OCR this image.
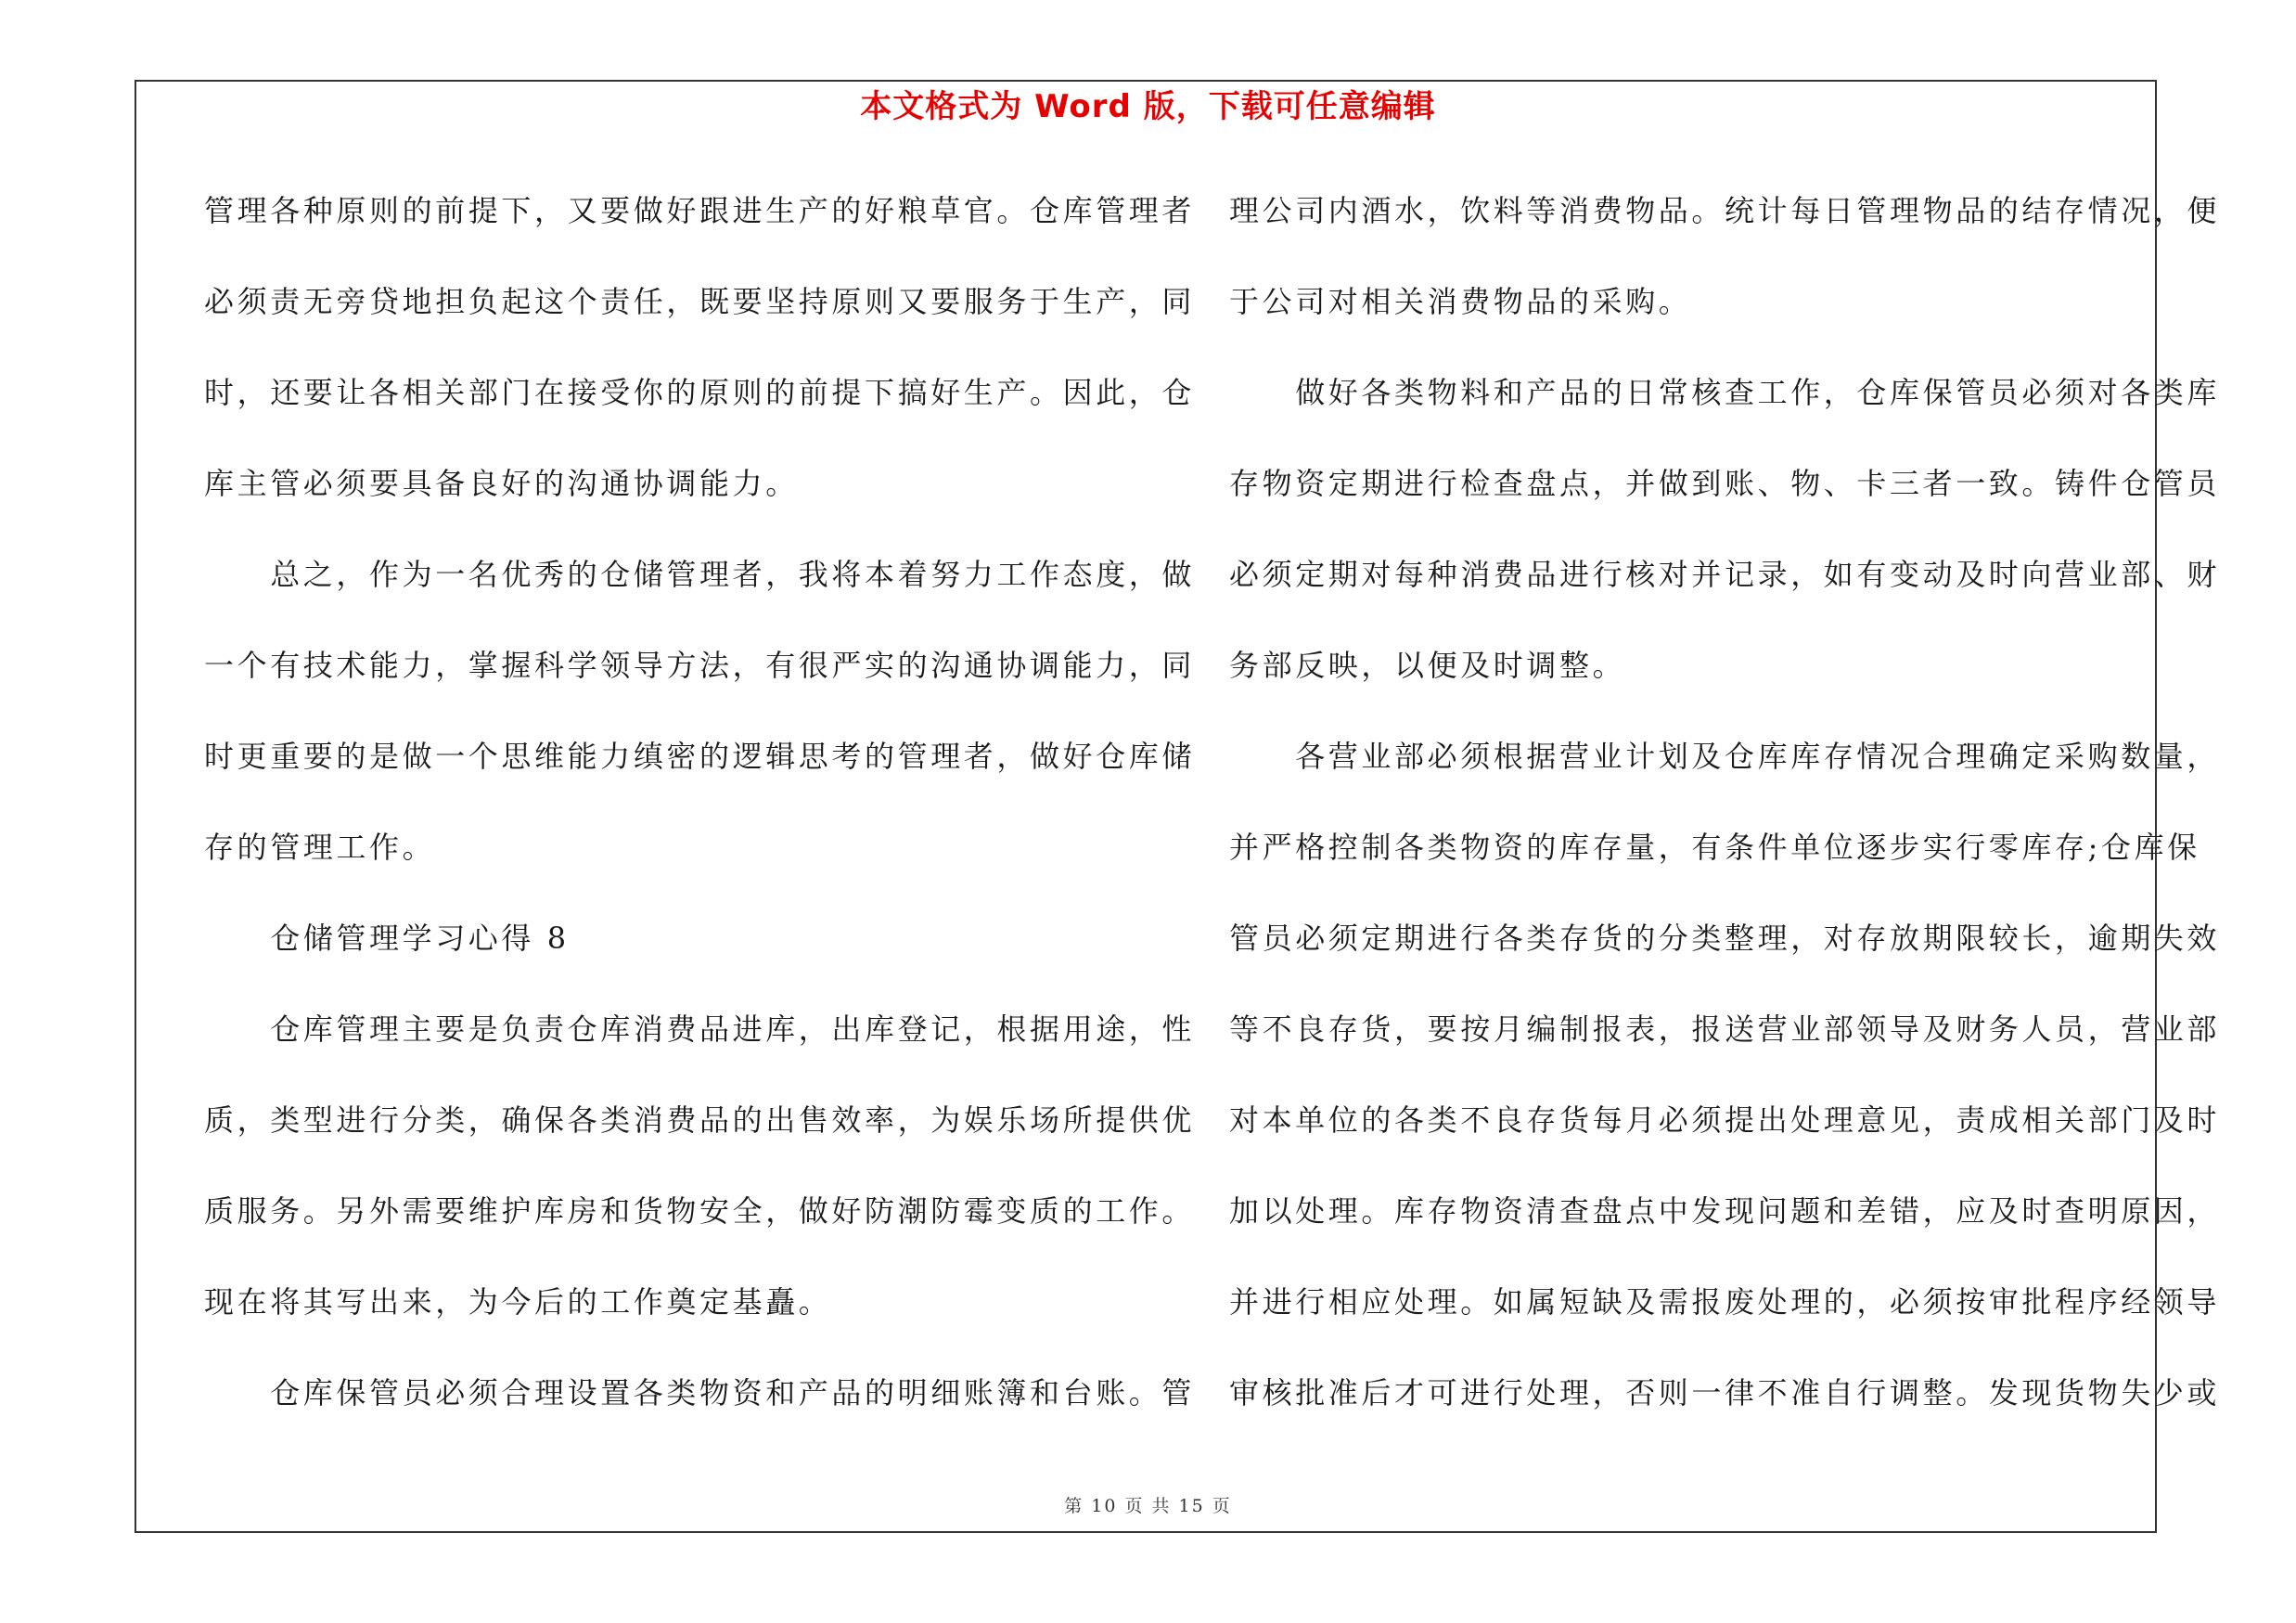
本文格式为 Word 版，下载可任意编辑
管理各种原则的前提下，又要做好跟进生产的好粮草官。仓库管理者
必须责无旁贷地担负起这个责任，既要坚持原则又要服务于生产，同
时，还要让各相关部门在接受你的原则的前提下搞好生产。因此，仓
库主管必须要具备良好的沟通协调能力。
　　总之，作为一名优秀的仓储管理者，我将本着努力工作态度，做
一个有技术能力，掌握科学领导方法，有很严实的沟通协调能力，同
时更重要的是做一个思维能力缜密的逻辑思考的管理者，做好仓库储
存的管理工作。
　　仓储管理学习心得 8
　　仓库管理主要是负责仓库消费品进库，出库登记，根据用途，性
质，类型进行分类，确保各类消费品的出售效率，为娱乐场所提供优
质服务。另外需要维护库房和货物安全，做好防潮防霉变质的工作。
现在将其写出来，为今后的工作奠定基矗。
　　仓库保管员必须合理设置各类物资和产品的明细账簿和台账。管
理公司内酒水，饮料等消费物品。统计每日管理物品的结存情况，便
于公司对相关消费物品的采购。
　　做好各类物料和产品的日常核查工作，仓库保管员必须对各类库
存物资定期进行检查盘点，并做到账、物、卡三者一致。铸件仓管员
必须定期对每种消费品进行核对并记录，如有变动及时向营业部、财
务部反映，以便及时调整。
　　各营业部必须根据营业计划及仓库库存情况合理确定采购数量，
并严格控制各类物资的库存量，有条件单位逐步实行零库存;仓库保
管员必须定期进行各类存货的分类整理，对存放期限较长，逾期失效
等不良存货，要按月编制报表，报送营业部领导及财务人员，营业部
对本单位的各类不良存货每月必须提出处理意见，责成相关部门及时
加以处理。库存物资清查盘点中发现问题和差错，应及时查明原因，
并进行相应处理。如属短缺及需报废处理的，必须按审批程序经领导
审核批准后才可进行处理，否则一律不准自行调整。发现货物失少或
第 10 页 共 15 页
